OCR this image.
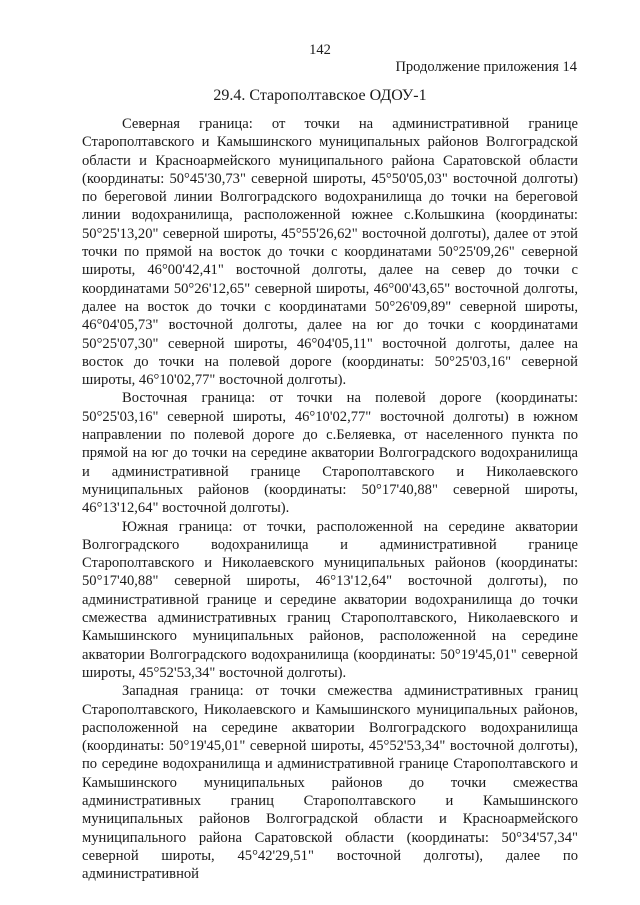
142
Продолжение приложения 14
29.4. Старополтавское ОДОУ-1

Северная граница: от точки на административной границе Старополтавского и Камышинского муниципальных районов Волгоградской области и Красноармейского муниципального района Саратовской области (координаты: 50°45'30,73" северной широты, 45°50'05,03" восточной долготы) по береговой линии Волгоградского водохранилища до точки на береговой линии водохранилища, расположенной южнее с.Кольшкина (координаты: 50°25'13,20" северной широты, 45°55'26,62" восточной долготы), далее от этой точки по прямой на восток до точки с координатами 50°25'09,26" северной широты, 46°00'42,41" восточной долготы, далее на север до точки с координатами 50°26'12,65" северной широты, 46°00'43,65" восточной долготы, далее на восток до точки с координатами 50°26'09,89" северной широты, 46°04'05,73" восточной долготы, далее на юг до точки с координатами 50°25'07,30" северной широты, 46°04'05,11" восточной долготы, далее на восток до точки на полевой дороге (координаты: 50°25'03,16" северной широты, 46°10'02,77" восточной долготы).

Восточная граница: от точки на полевой дороге (координаты: 50°25'03,16" северной широты, 46°10'02,77" восточной долготы) в южном направлении по полевой дороге до с.Беляевка, от населенного пункта по прямой на юг до точки на середине акватории Волгоградского водохранилища и административной границе Старополтавского и Николаевского муниципальных районов (координаты: 50°17'40,88" северной широты, 46°13'12,64" восточной долготы).

Южная граница: от точки, расположенной на середине акватории Волгоградского водохранилища и административной границе Старополтавского и Николаевского муниципальных районов (координаты: 50°17'40,88" северной широты, 46°13'12,64" восточной долготы), по административной границе и середине акватории водохранилища до точки смежества административных границ Старополтавского, Николаевского и Камышинского муниципальных районов, расположенной на середине акватории Волгоградского водохранилища (координаты: 50°19'45,01" северной широты, 45°52'53,34" восточной долготы).

Западная граница: от точки смежества административных границ Старополтавского, Николаевского и Камышинского муниципальных районов, расположенной на середине акватории Волгоградского водохранилища (координаты: 50°19'45,01" северной широты, 45°52'53,34" восточной долготы), по середине водохранилища и административной границе Старополтавского и Камышинского муниципальных районов до точки смежества административных границ Старополтавского и Камышинского муниципальных районов Волгоградской области и Красноармейского муниципального района Саратовской области (координаты: 50°34'57,34" северной широты, 45°42'29,51" восточной долготы), далее по административной
